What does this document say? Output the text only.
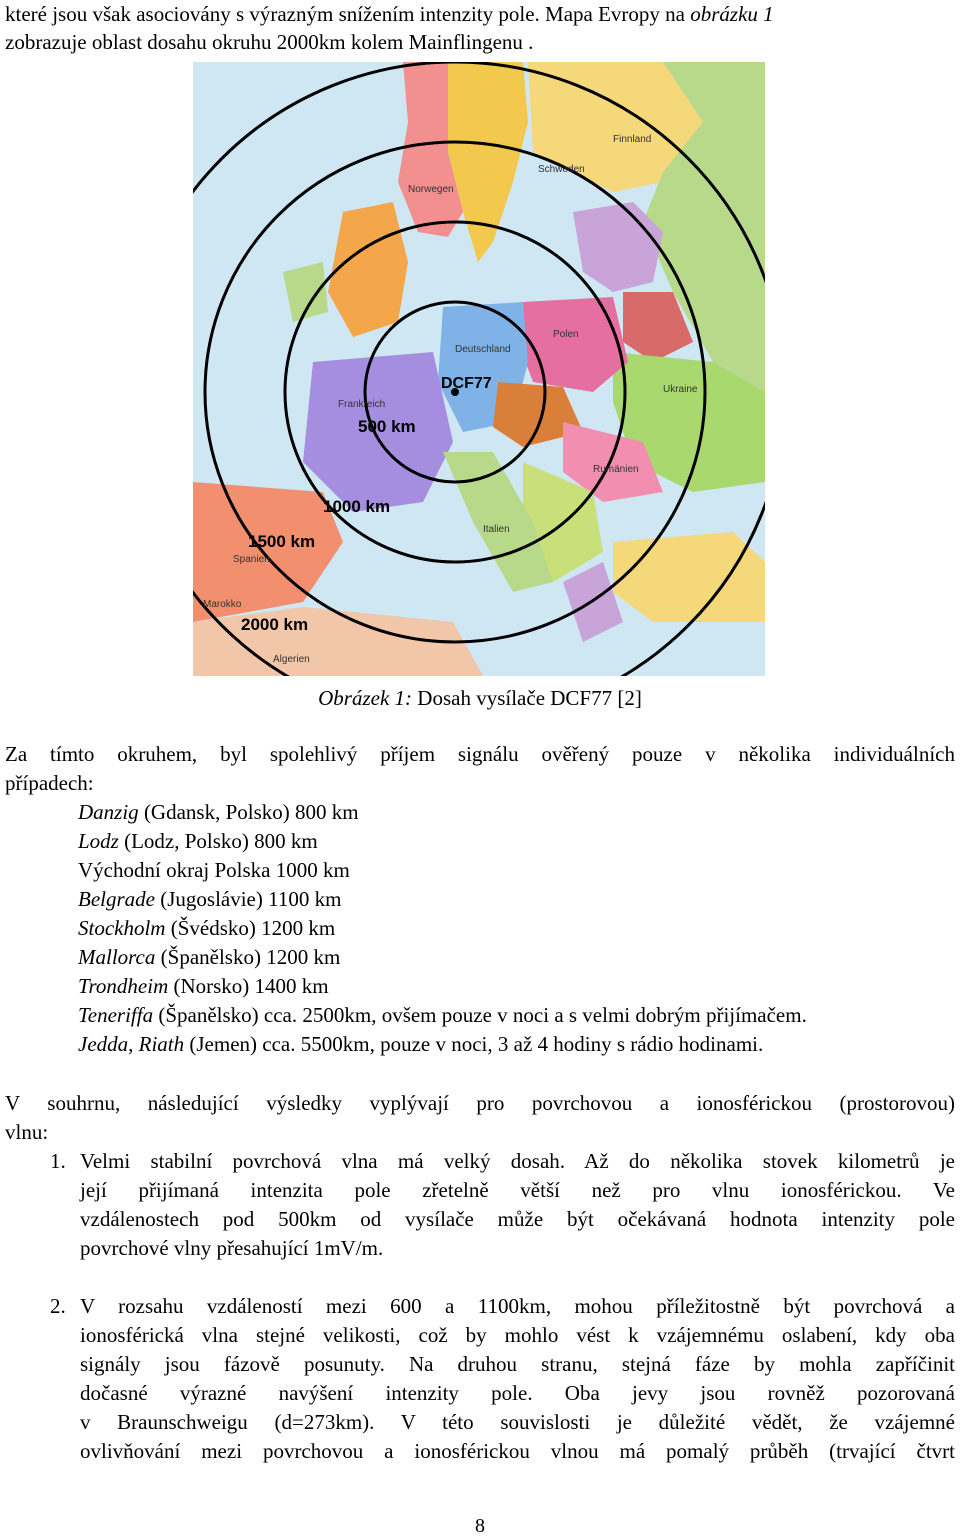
které jsou však asociovány s výrazným snížením intenzity pole. Mapa Evropy na obrázku 1
zobrazuje oblast dosahu okruhu 2000km kolem Mainflingenu .
DCF77
500 km
1000 km
1500 km
2000 km
Finnland
Schweden
Norwegen
Deutschland
Polen
Frankreich
Ukraine
Italien
Rumänien
Spanien
Algerien
Marokko
Obrázek 1: Dosah vysílače DCF77 [2]
Za tímto okruhem, byl spolehlivý příjem signálu ověřený pouze v několika individuálních
případech:
Danzig (Gdansk, Polsko) 800 km
Lodz (Lodz, Polsko) 800 km
Východní okraj Polska 1000 km
Belgrade (Jugoslávie) 1100 km
Stockholm (Švédsko) 1200 km
Mallorca (Španělsko) 1200 km
Trondheim (Norsko) 1400 km
Teneriffa (Španělsko) cca. 2500km, ovšem pouze v noci a s velmi dobrým přijímačem.
Jedda, Riath (Jemen) cca. 5500km, pouze v noci, 3 až 4 hodiny s rádio hodinami.
V souhrnu, následující výsledky vyplývají pro povrchovou a ionosférickou (prostorovou)
vlnu:
1. Velmi stabilní povrchová vlna má velký dosah. Až do několika stovek kilometrů je
její přijímaná intenzita pole zřetelně větší než pro vlnu ionosférickou. Ve
vzdálenostech pod 500km od vysílače může být očekávaná hodnota intenzity pole
povrchové vlny přesahující 1mV/m.
2. V rozsahu vzdáleností mezi 600 a 1100km, mohou příležitostně být povrchová a
ionosférická vlna stejné velikosti, což by mohlo vést k vzájemnému oslabení, kdy oba
signály jsou fázově posunuty. Na druhou stranu, stejná fáze by mohla zapříčinit
dočasné výrazné navýšení intenzity pole. Oba jevy jsou rovněž pozorovaná
v Braunschweigu (d=273km). V této souvislosti je důležité vědět, že vzájemné
ovlivňování mezi povrchovou a ionosférickou vlnou má pomalý průběh (trvající čtvrt
8
